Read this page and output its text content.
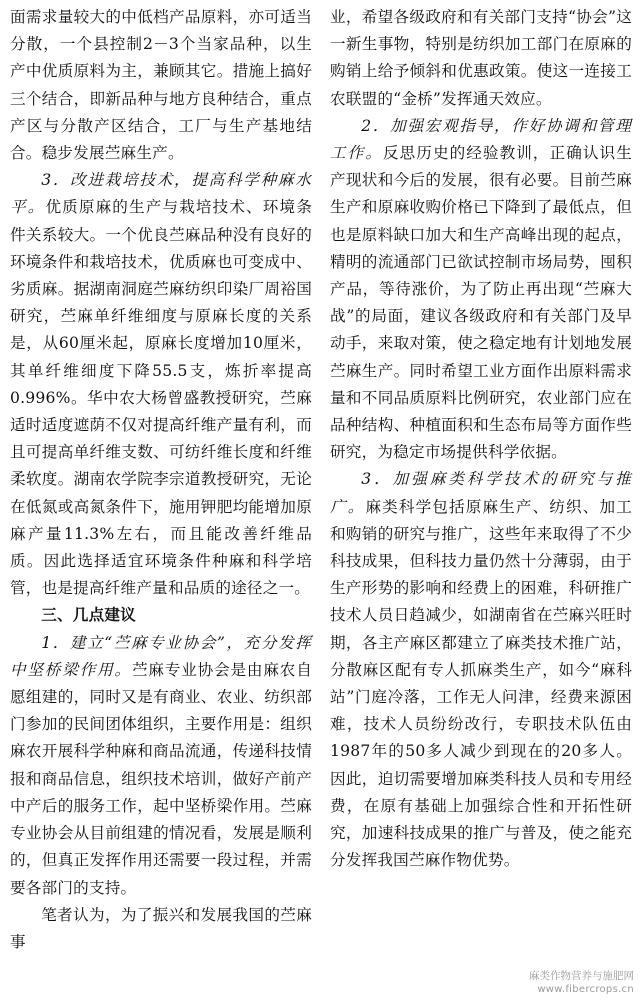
面需求量较大的中低档产品原料，亦可适当分散，一个县控制2－3个当家品种，以生产中优质原料为主，兼顾其它。措施上搞好三个结合，即新品种与地方良种结合，重点产区与分散产区结合，工厂与生产基地结合。稳步发展苎麻生产。

3．改进栽培技术，提高科学种麻水平。优质原麻的生产与栽培技术、环境条件关系较大。一个优良苎麻品种没有良好的环境条件和栽培技术，优质麻也可变成中、劣质麻。据湖南洞庭苎麻纺织印染厂周裕国研究，苎麻单纤维细度与原麻长度的关系是，从60厘米起，原麻长度增加10厘米，其单纤维细度下降55.5支，炼折率提高0.996%。华中农大杨曾盛教授研究，苎麻适时适度遮荫不仅对提高纤维产量有利，而且可提高单纤维支数、可纺纤维长度和纤维柔软度。湖南农学院李宗道教授研究，无论在低氮或高氮条件下，施用钾肥均能增加原麻产量11.3%左右，而且能改善纤维品质。因此选择适宜环境条件种麻和科学培管，也是提高纤维产量和品质的途径之一。

三、几点建议

1．建立“苎麻专业协会”，充分发挥中坚桥梁作用。苎麻专业协会是由麻农自愿组建的，同时又是有商业、农业、纺织部门参加的民间团体组织，主要作用是：组织麻农开展科学种麻和商品流通，传递科技情报和商品信息，组织技术培训，做好产前产中产后的服务工作，起中坚桥梁作用。苎麻专业协会从目前组建的情况看，发展是顺利的，但真正发挥作用还需要一段过程，并需要各部门的支持。

笔者认为，为了振兴和发展我国的苎麻事

业，希望各级政府和有关部门支持“协会”这一新生事物，特别是纺织加工部门在原麻的购销上给予倾斜和优惠政策。使这一连接工农联盟的“金桥”发挥通天效应。

2．加强宏观指导，作好协调和管理工作。反思历史的经验教训，正确认识生产现状和今后的发展，很有必要。目前苎麻生产和原麻收购价格已下降到了最低点，但也是原料缺口加大和生产高峰出现的起点，精明的流通部门已欲试控制市场局势，囤积产品，等待涨价，为了防止再出现“苎麻大战”的局面，建议各级政府和有关部门及早动手，来取对策，使之稳定地有计划地发展苎麻生产。同时希望工业方面作出原料需求量和不同品质原料比例研究，农业部门应在品种结构、种植面积和生态布局等方面作些研究，为稳定市场提供科学依据。

3．加强麻类科学技术的研究与推广。麻类科学包括原麻生产、纺织、加工和购销的研究与推广，这些年来取得了不少科技成果，但科技力量仍然十分薄弱，由于生产形势的影响和经费上的困难，科研推广技术人员日趋减少，如湖南省在苎麻兴旺时期，各主产麻区都建立了麻类技术推广站，分散麻区配有专人抓麻类生产，如今“麻科站”门庭冷落，工作无人问津，经费来源困难，技术人员纷纷改行，专职技术队伍由1987年的50多人减少到现在的20多人。因此，迫切需要增加麻类科技人员和专用经费，在原有基础上加强综合性和开拓性研究，加速科技成果的推广与普及，使之能充分发挥我国苎麻作物优势。

麻类作物营养与施肥网
www.fibercrops.cn
